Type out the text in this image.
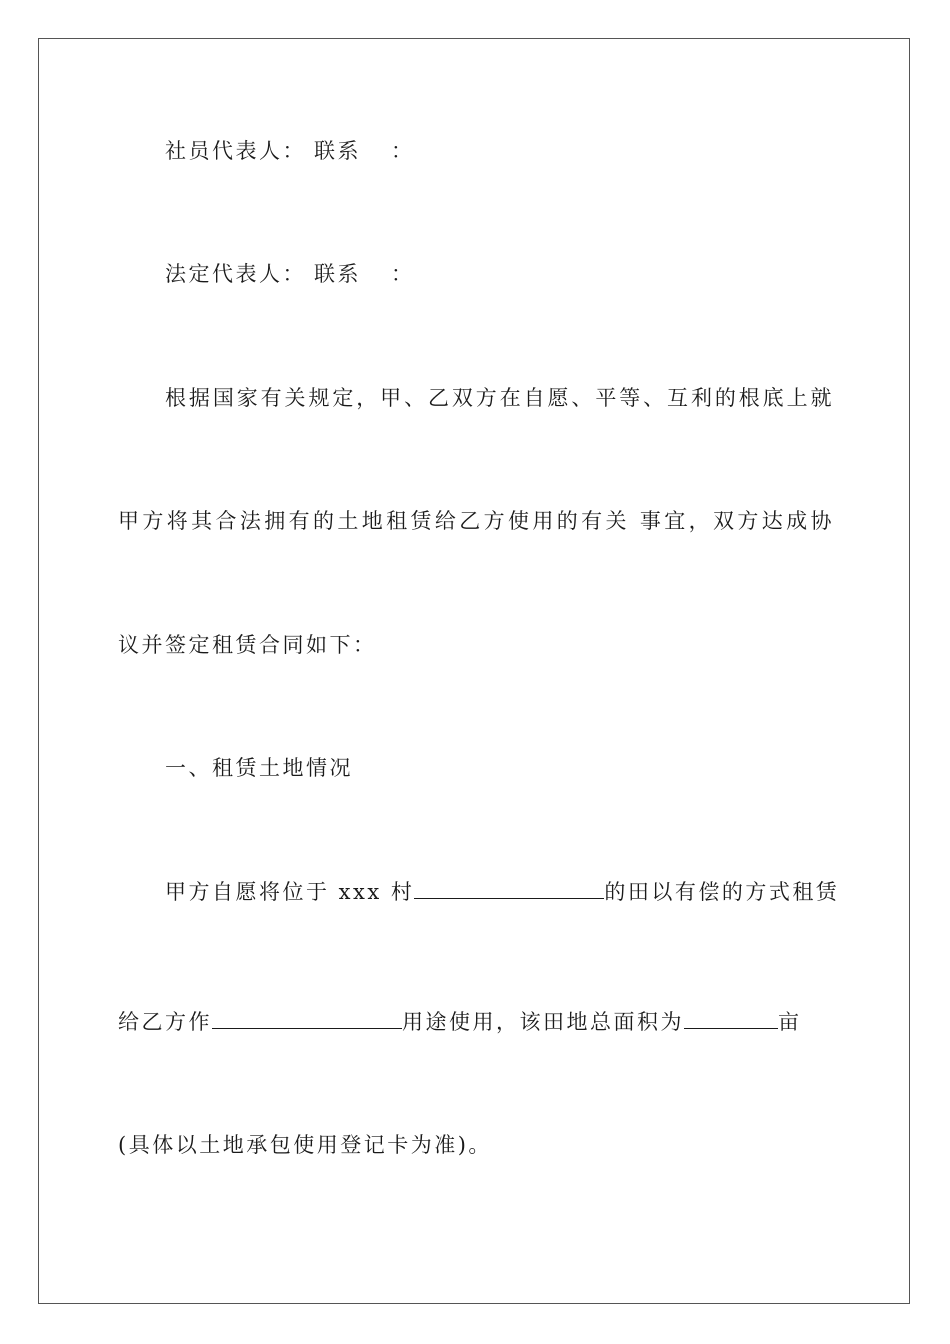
社员代表人： 联系 ：
法定代表人： 联系 ：
根据国家有关规定，甲、乙双方在自愿、平等、互利的根底上就
甲方将其合法拥有的土地租赁给乙方使用的有关 事宜，双方达成协
议并签定租赁合同如下：
一、租赁土地情况
甲方自愿将位于 xxx 村	的田以有偿的方式租赁
给乙方作	用途使用，该田地总面积为	亩
(具体以土地承包使用登记卡为准)。
